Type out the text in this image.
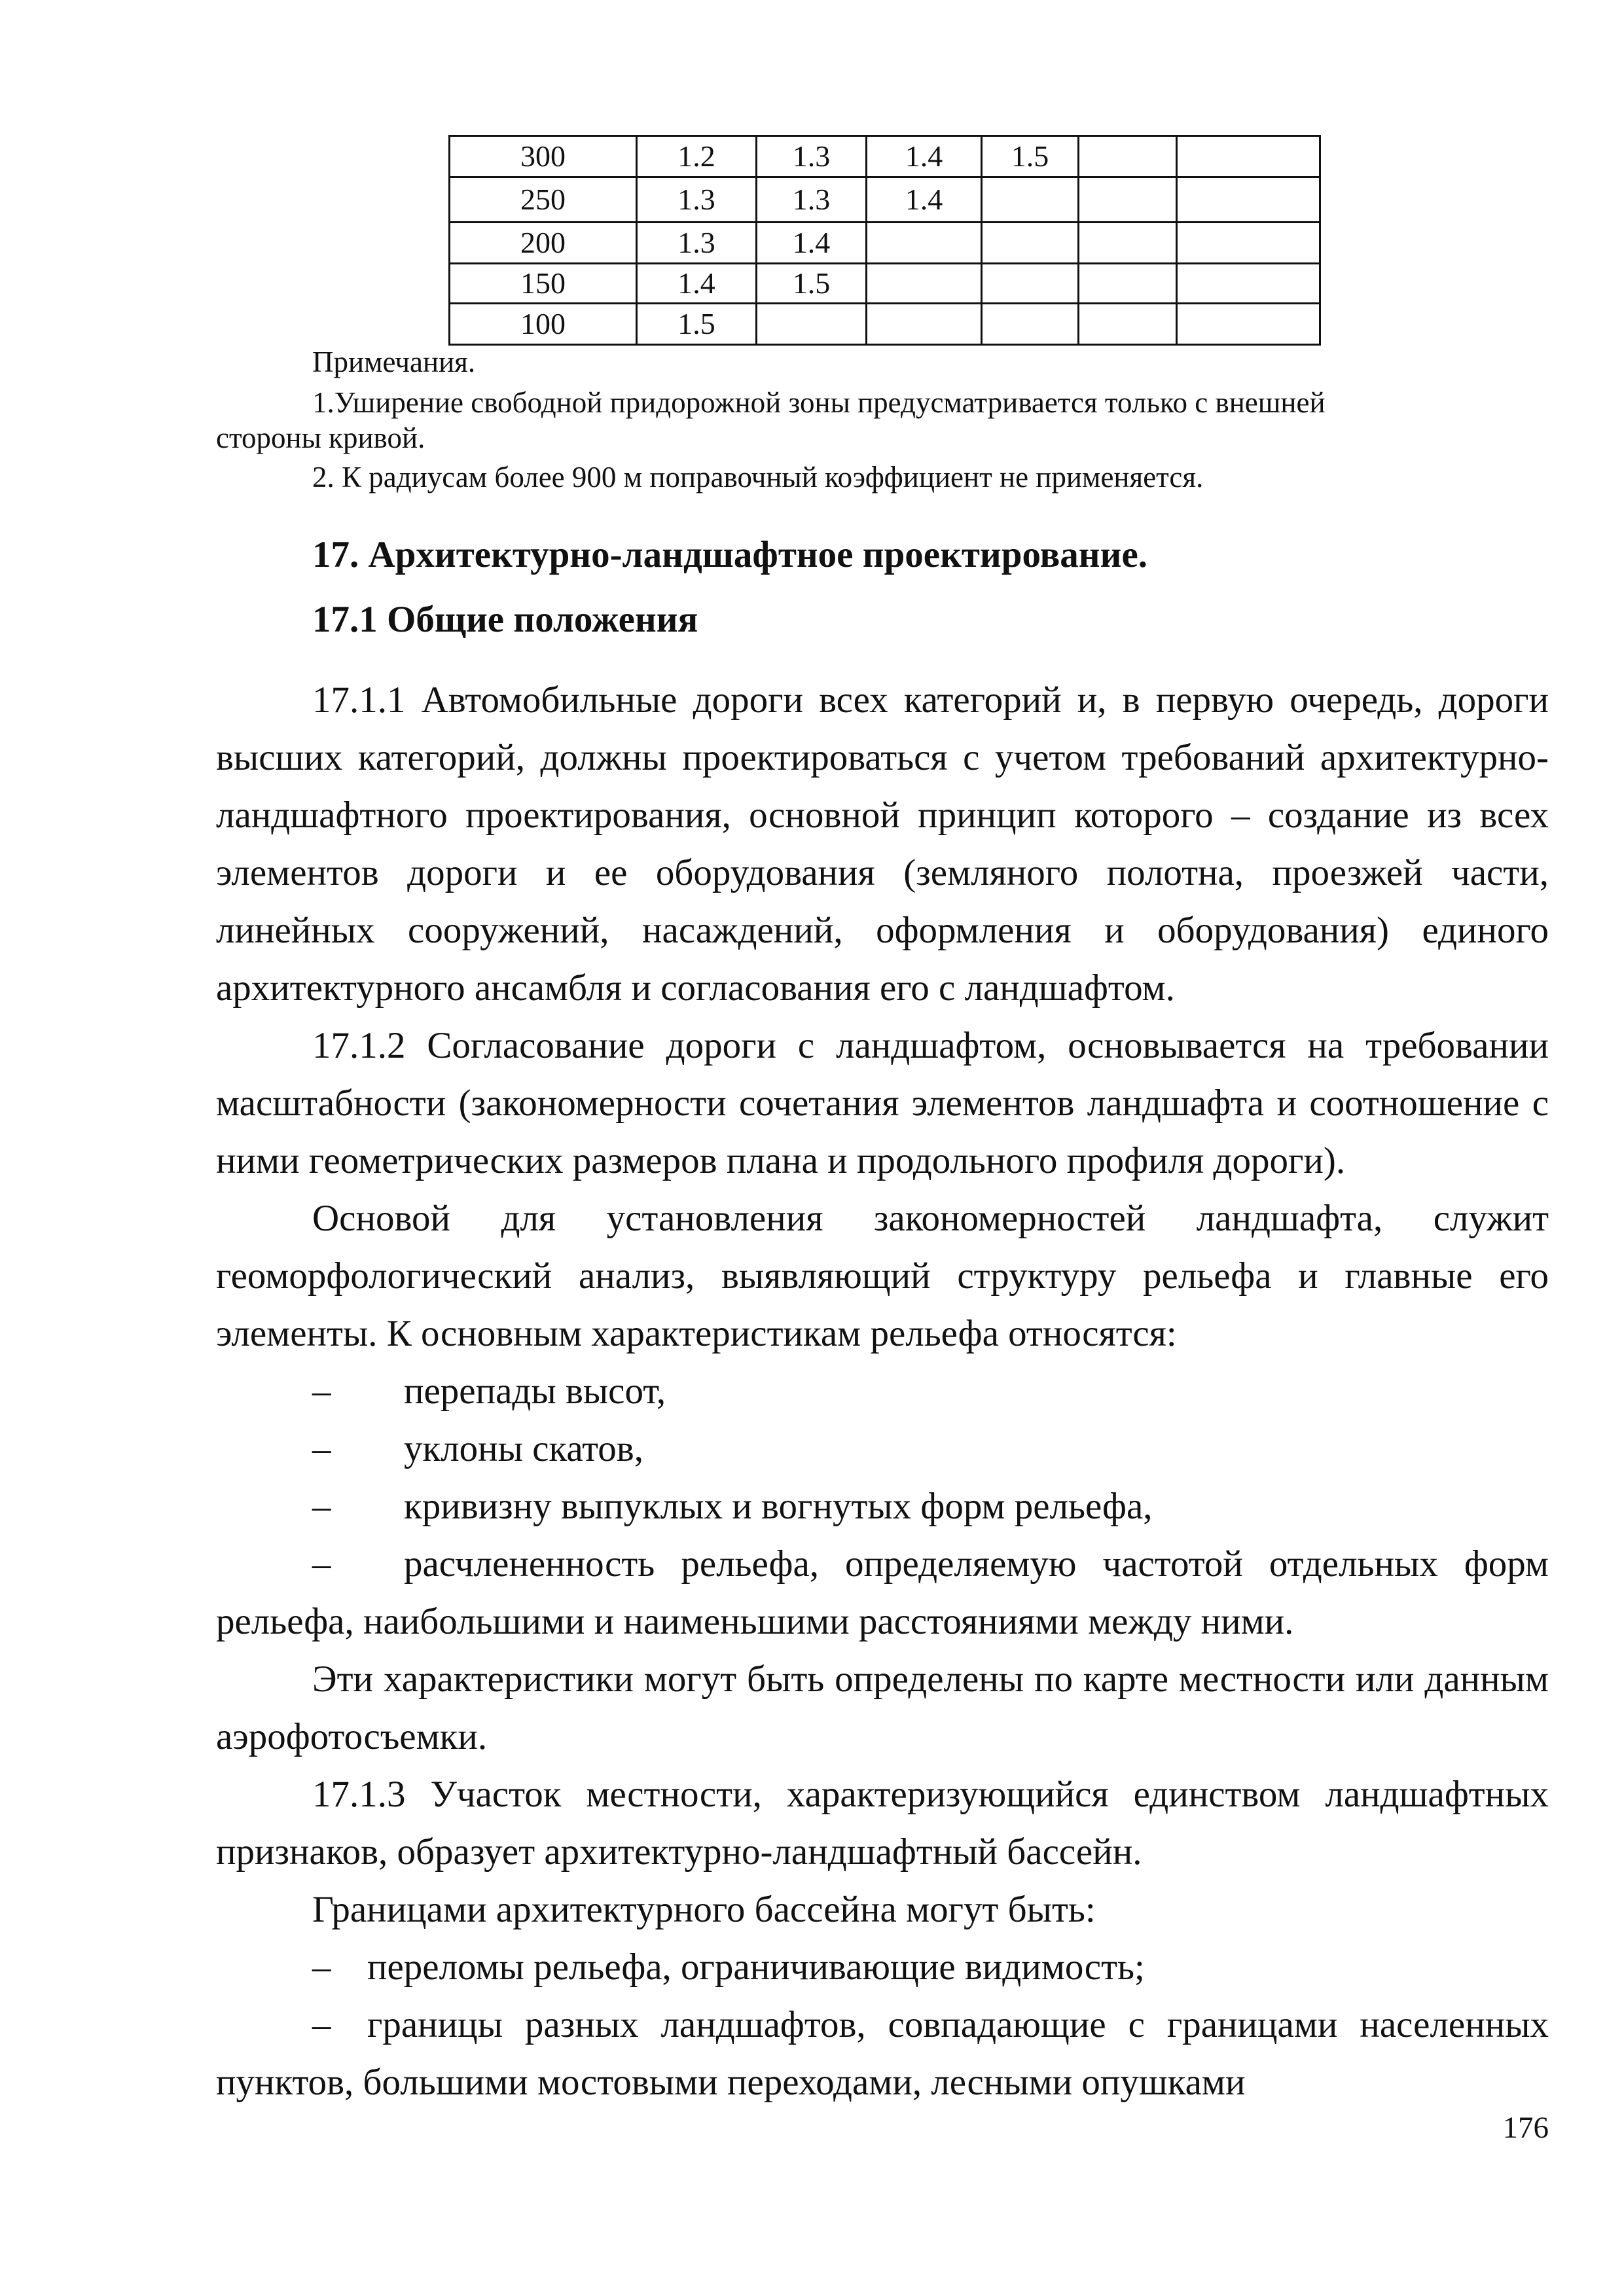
300	1.2	1.3	1.4	1.5		
250	1.3	1.3	1.4			
200	1.3	1.4				
150	1.4	1.5				
100	1.5					
Примечания.
1.Уширение свободной придорожной зоны предусматривается только с внешней
стороны кривой.
2. К радиусам более 900 м поправочный коэффициент не применяется.
17. Архитектурно-ландшафтное проектирование.
17.1 Общие положения

17.1.1 Автомобильные дороги всех категорий и, в первую очередь, дороги высших категорий, должны проектироваться с учетом требований архитектурно-ландшафтного проектирования, основной принцип которого – создание из всех элементов дороги и ее оборудования (земляного полотна, проезжей части, линейных сооружений, насаждений, оформления и оборудования) единого архитектурного ансамбля и согласования его с ландшафтом.

17.1.2 Согласование дороги с ландшафтом, основывается на требовании масштабности (закономерности сочетания элементов ландшафта и соотношение с ними геометрических размеров плана и продольного профиля дороги).

Основой для установления закономерностей ландшафта, служит геоморфологический анализ, выявляющий структуру рельефа и главные его элементы. К основным характеристикам рельефа относятся:

– перепады высот,

– уклоны скатов,

– кривизну выпуклых и вогнутых форм рельефа,

– расчлененность рельефа, определяемую частотой отдельных форм рельефа, наибольшими и наименьшими расстояниями между ними.

Эти характеристики могут быть определены по карте местности или данным аэрофотосъемки.

17.1.3 Участок местности, характеризующийся единством ландшафтных признаков, образует архитектурно-ландшафтный бассейн.

Границами архитектурного бассейна могут быть:

– переломы рельефа, ограничивающие видимость;

– границы разных ландшафтов, совпадающие с границами населенных пунктов, большими мостовыми переходами, лесными опушками

176
